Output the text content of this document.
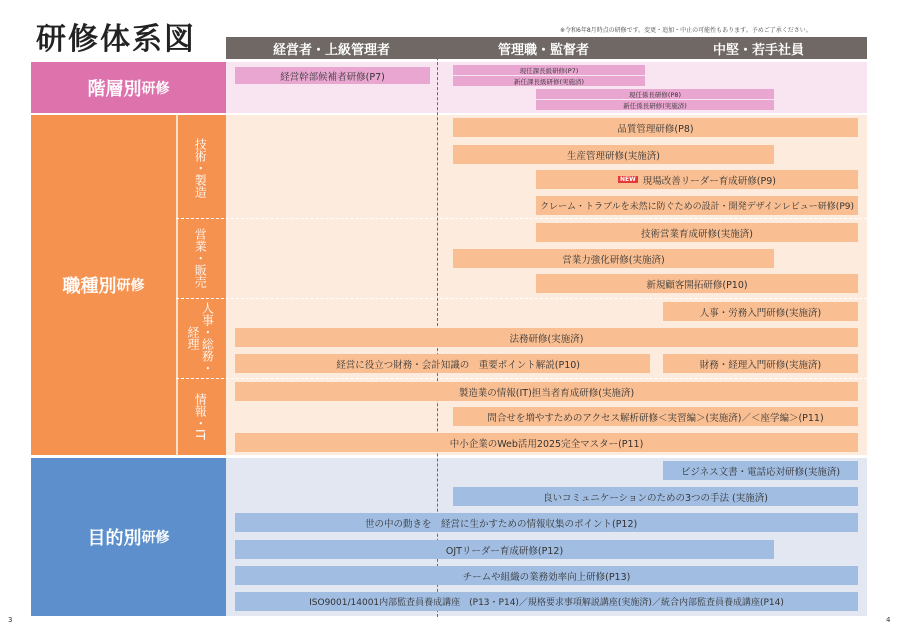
研修体系図	※令和6年8月時点の研修です。変更・追加・中止の可能性もあります。予めご了承ください。
経営者・上級管理者	管理職・監督者	中堅・若手社員
階層別 研修
職種別 研修
技術・製造
営業・販売
人事・総務・経理
情報・IT
目的別 研修
経営幹部候補者研修(P7)
現任課長級研修(P7)
新任課長級研修(実施済)
現任係長研修(P8)
新任係長研修(実施済)
品質管理研修(P8)
生産管理研修(実施済)
NEW 現場改善リーダー育成研修(P9)
クレーム・トラブルを未然に防ぐための設計・開発デザインレビュー研修(P9)
技術営業育成研修(実施済)
営業力強化研修(実施済)
新規顧客開拓研修(P10)
人事・労務入門研修(実施済)
法務研修(実施済)
経営に役立つ財務・会計知識の　重要ポイント解説(P10)	財務・経理入門研修(実施済)
製造業の情報(IT)担当者育成研修(実施済)
問合せを増やすためのアクセス解析研修＜実習編＞(実施済)／＜座学編＞(P11)
中小企業のWeb活用2025完全マスター(P11)
ビジネス文書・電話応対研修(実施済)
良いコミュニケーションのための3つの手法 (実施済)
世の中の動きを　経営に生かすための情報収集のポイント(P12)
OJTリーダー育成研修(P12)
チームや組織の業務効率向上研修(P13)
ISO9001/14001内部監査員養成講座　(P13・P14)／規格要求事項解説講座(実施済)／統合内部監査員養成講座(P14)
3	4
